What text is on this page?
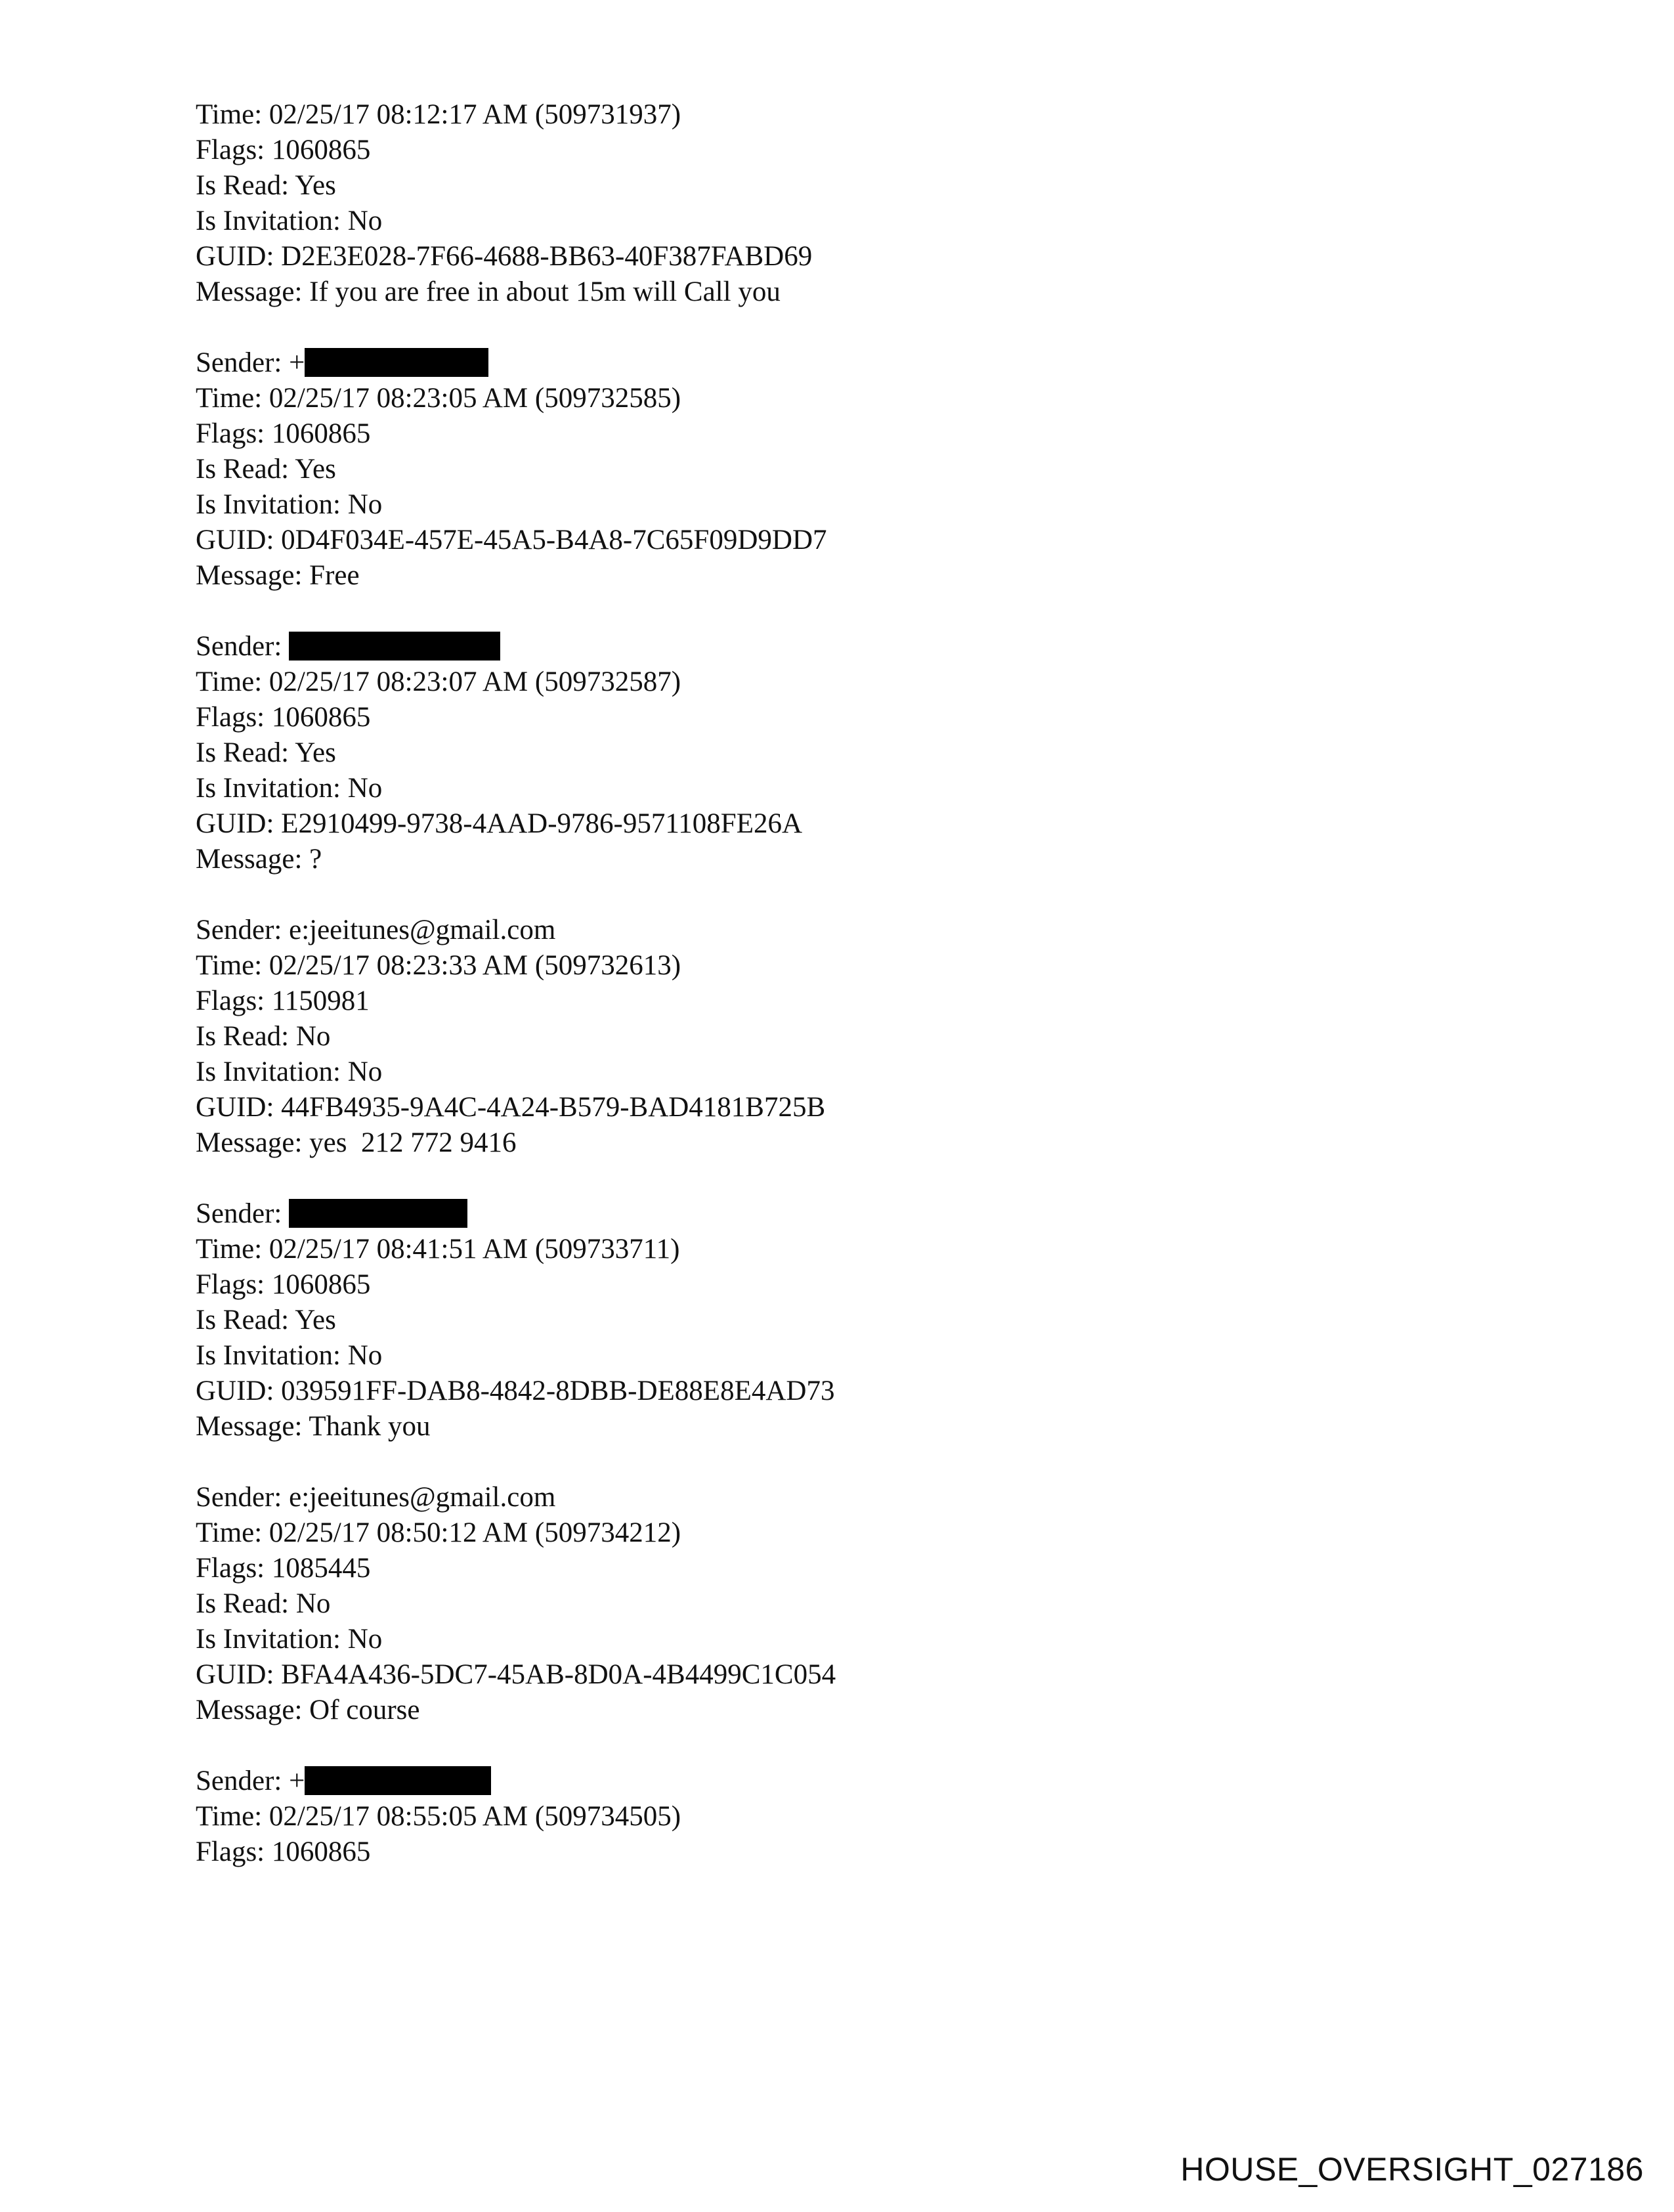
Time: 02/25/17 08:12:17 AM (509731937)
Flags: 1060865
Is Read: Yes
Is Invitation: No
GUID: D2E3E028-7F66-4688-BB63-40F387FABD69
Message: If you are free in about 15m will Call you
Sender: +
Time: 02/25/17 08:23:05 AM (509732585)
Flags: 1060865
Is Read: Yes
Is Invitation: No
GUID: 0D4F034E-457E-45A5-B4A8-7C65F09D9DD7
Message: Free
Sender:
Time: 02/25/17 08:23:07 AM (509732587)
Flags: 1060865
Is Read: Yes
Is Invitation: No
GUID: E2910499-9738-4AAD-9786-9571108FE26A
Message: ?
Sender: e:jeeitunes@gmail.com
Time: 02/25/17 08:23:33 AM (509732613)
Flags: 1150981
Is Read: No
Is Invitation: No
GUID: 44FB4935-9A4C-4A24-B579-BAD4181B725B
Message: yes  212 772 9416
Sender:
Time: 02/25/17 08:41:51 AM (509733711)
Flags: 1060865
Is Read: Yes
Is Invitation: No
GUID: 039591FF-DAB8-4842-8DBB-DE88E8E4AD73
Message: Thank you
Sender: e:jeeitunes@gmail.com
Time: 02/25/17 08:50:12 AM (509734212)
Flags: 1085445
Is Read: No
Is Invitation: No
GUID: BFA4A436-5DC7-45AB-8D0A-4B4499C1C054
Message: Of course
Sender: +
Time: 02/25/17 08:55:05 AM (509734505)
Flags: 1060865
HOUSE_OVERSIGHT_027186
